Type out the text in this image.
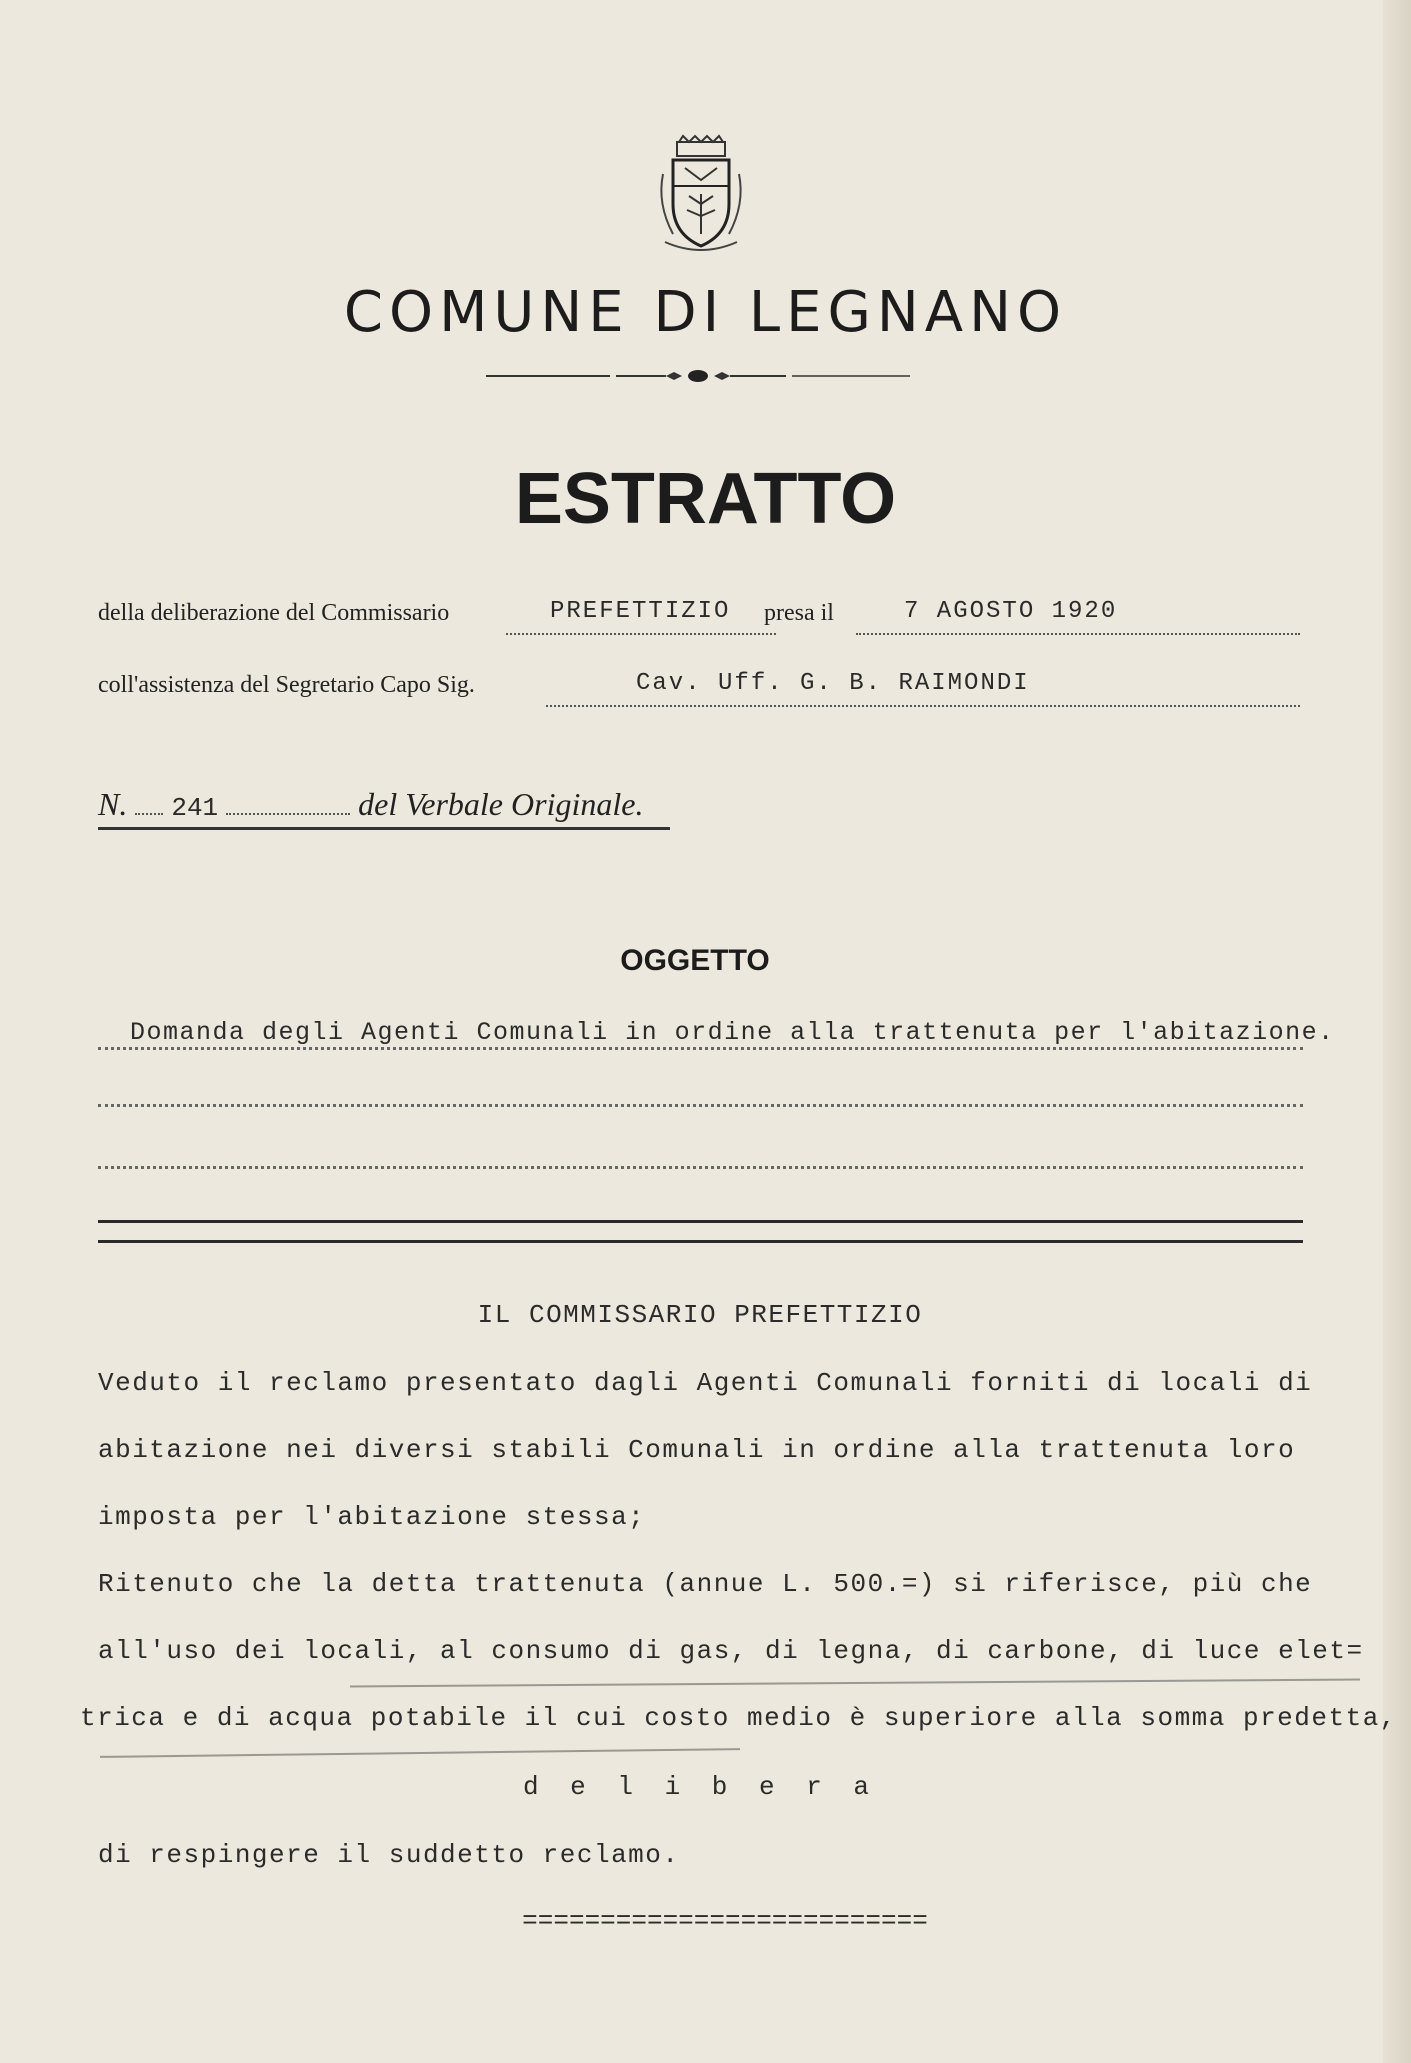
COMUNE DI LEGNANO
ESTRATTO
della deliberazione del Commissario	PREFETTIZIO presa il	7 AGOSTO 1920
coll'assistenza del Segretario Capo Sig.	Cav. Uff. G. B. RAIMONDI
N. 241	del Verbale Originale.
OGGETTO
Domanda degli Agenti Comunali in ordine alla trattenuta per l'abitazione.
IL COMMISSARIO PREFETTIZIO
Veduto il reclamo presentato dagli Agenti Comunali forniti di locali di
abitazione nei diversi stabili Comunali in ordine alla trattenuta loro
imposta per l'abitazione stessa;
Ritenuto che la detta trattenuta (annue L. 500.=) si riferisce, più che
all'uso dei locali, al consumo di gas, di legna, di carbone, di luce elet=
trica e di acqua potabile il cui costo medio è superiore alla somma predetta,
d e l i b e r a
di respingere il suddetto reclamo.
==========================
